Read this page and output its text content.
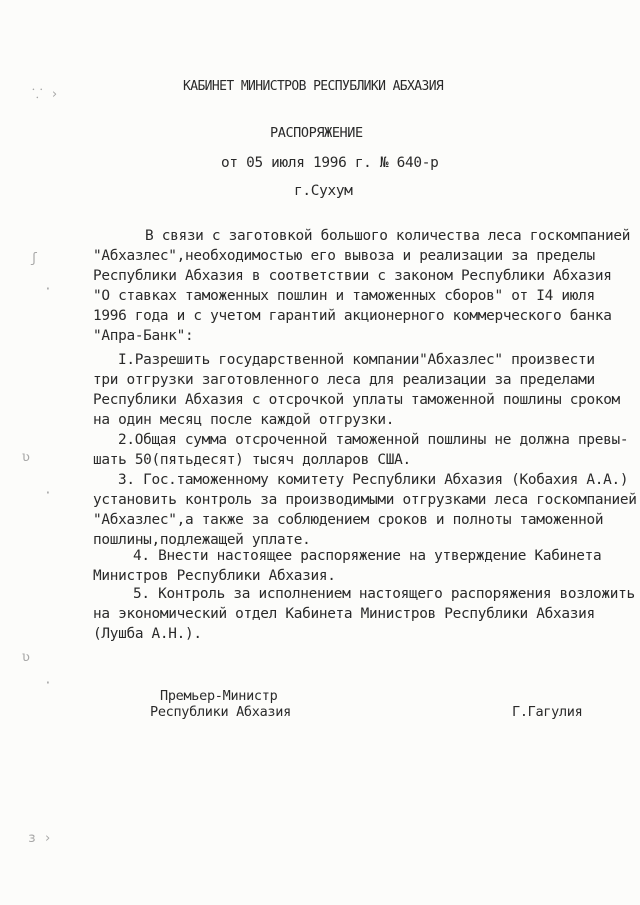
КАБИНЕТ МИНИСТРОВ РЕСПУБЛИКИ АБХАЗИЯ
РАСПОРЯЖЕНИЕ
от 05 июля 1996 г. № 640-р
г.Сухум
В связи с заготовкой большого количества леса госкомпанией
"Абхазлес",необходимостью его вывоза и реализации за пределы
Республики Абхазия в соответствии с законом Республики Абхазия
"О ставках таможенных пошлин и таможенных сборов" от I4 июля
1996 года и с учетом гарантий акционерного коммерческого банка
"Апра-Банк":
I.Разрешить государственной компании"Абхазлес" произвести
три отгрузки заготовленного леса для реализации за пределами
Республики Абхазия с отсрочкой уплаты таможенной пошлины сроком
на один месяц после каждой отгрузки.
2.Общая сумма отсроченной таможенной пошлины не должна превы-
шать 50(пятьдесят) тысяч долларов США.
3. Гос.таможенному комитету Республики Абхазия (Кобахия А.А.)
установить контроль за производимыми отгрузками леса госкомпанией
"Абхазлес",а также за соблюдением сроков и полноты таможенной
пошлины,подлежащей уплате.
4. Внести настоящее распоряжение на утверждение Кабинета
Министров Республики Абхазия.
5. Контроль за исполнением настоящего распоряжения возложить
на экономический отдел Кабинета Министров Республики Абхазия
(Лушба А.Н.).
Премьер-Министр
Республики Абхазия	Г.Гагулия
⸪ ›
ʃ
·
ʋ
·
ʋ
·
ɜ ›
